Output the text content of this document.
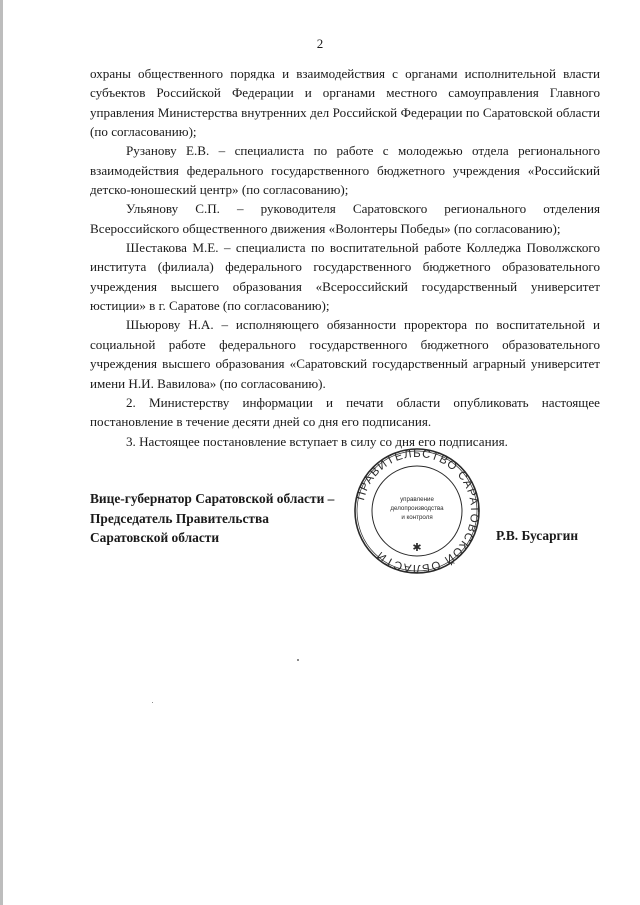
2

охраны общественного порядка и взаимодействия с органами исполнительной власти субъектов Российской Федерации и органами местного самоуправления Главного управления Министерства внутренних дел Российской Федерации по Саратовской области (по согласованию);

Рузанову Е.В. – специалиста по работе с молодежью отдела регионального взаимодействия федерального государственного бюджетного учреждения «Российский детско-юношеский центр» (по согласованию);

Ульянову С.П. – руководителя Саратовского регионального отделения Всероссийского общественного движения «Волонтеры Победы» (по согласованию);

Шестакова М.Е. – специалиста по воспитательной работе Колледжа Поволжского института (филиала) федерального государственного бюджетного образовательного учреждения высшего образования «Всероссийский государственный университет юстиции» в г. Саратове (по согласованию);

Шьюрову Н.А. – исполняющего обязанности проректора по воспитательной и социальной работе федерального государственного бюджетного образовательного учреждения высшего образования «Саратовский государственный аграрный университет имени Н.И. Вавилова» (по согласованию).

2. Министерству информации и печати области опубликовать настоящее постановление в течение десяти дней со дня его подписания.

3. Настоящее постановление вступает в силу со дня его подписания.

Вице-губернатор Саратовской области –
Председатель Правительства
Саратовской области	Р.В. Бусаргин
ПРАВИТЕЛЬСТВО САРАТОВСКОЙ ОБЛАСТИ
управление
делопроизводства
и контроля
✱
